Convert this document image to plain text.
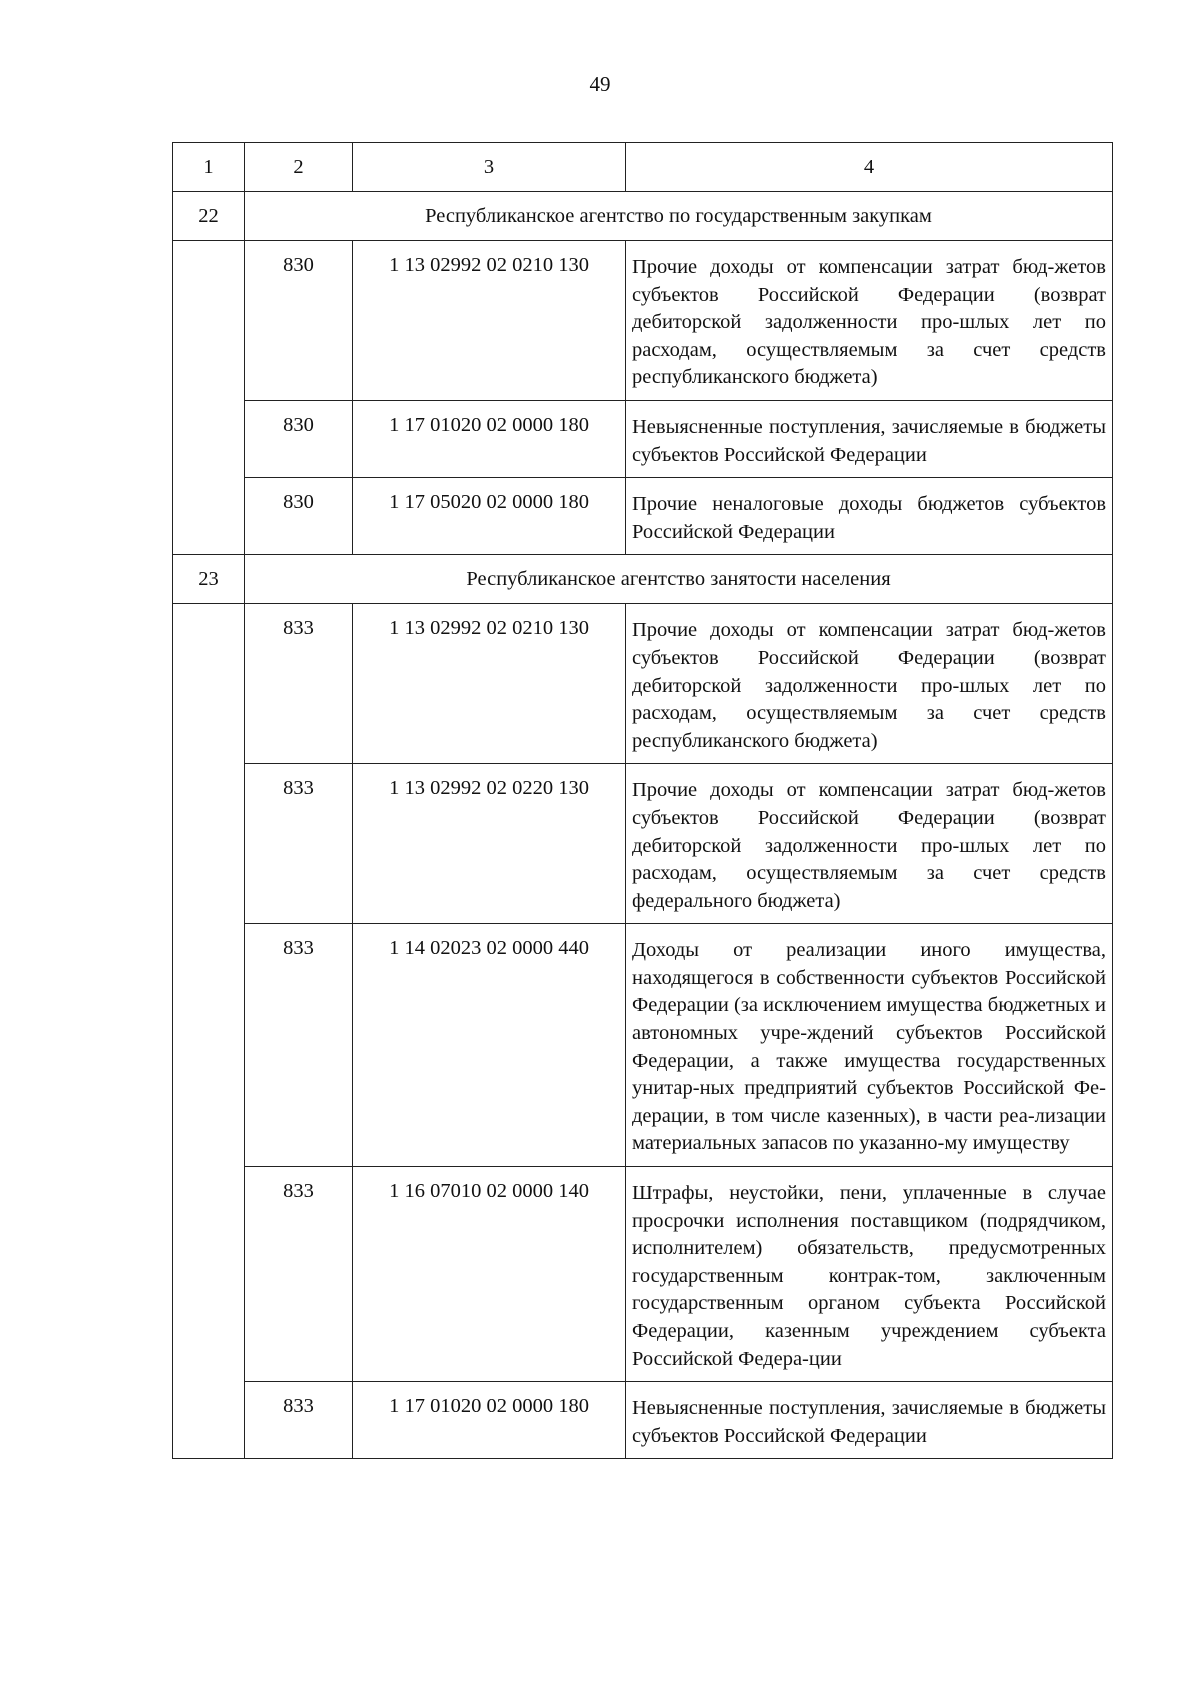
49
1	2	3	4
22	Республиканское агентство по государственным закупкам		
	830	1 13 02992 02 0210 130	Прочие доходы от компенсации затрат бюд-жетов субъектов Российской Федерации (возврат дебиторской задолженности про-шлых лет по расходам, осуществляемым за счет средств республиканского бюджета)
	830	1 17 01020 02 0000 180	Невыясненные поступления, зачисляемые в бюджеты субъектов Российской Федерации
	830	1 17 05020 02 0000 180	Прочие неналоговые доходы бюджетов субъектов Российской Федерации
23	Республиканское агентство занятости населения		
	833	1 13 02992 02 0210 130	Прочие доходы от компенсации затрат бюд-жетов субъектов Российской Федерации (возврат дебиторской задолженности про-шлых лет по расходам, осуществляемым за счет средств республиканского бюджета)
	833	1 13 02992 02 0220 130	Прочие доходы от компенсации затрат бюд-жетов субъектов Российской Федерации (возврат дебиторской задолженности про-шлых лет по расходам, осуществляемым за счет средств федерального бюджета)
	833	1 14 02023 02 0000 440	Доходы от реализации иного имущества, находящегося в собственности субъектов Российской Федерации (за исключением имущества бюджетных и автономных учре-ждений субъектов Российской Федерации, а также имущества государственных унитар-ных предприятий субъектов Российской Фе-дерации, в том числе казенных), в части реа-лизации материальных запасов по указанно-му имуществу
	833	1 16 07010 02 0000 140	Штрафы, неустойки, пени, уплаченные в случае просрочки исполнения поставщиком (подрядчиком, исполнителем) обязательств, предусмотренных государственным контрак-том, заключенным государственным органом субъекта Российской Федерации, казенным учреждением субъекта Российской Федера-ции
	833	1 17 01020 02 0000 180	Невыясненные поступления, зачисляемые в бюджеты субъектов Российской Федерации
